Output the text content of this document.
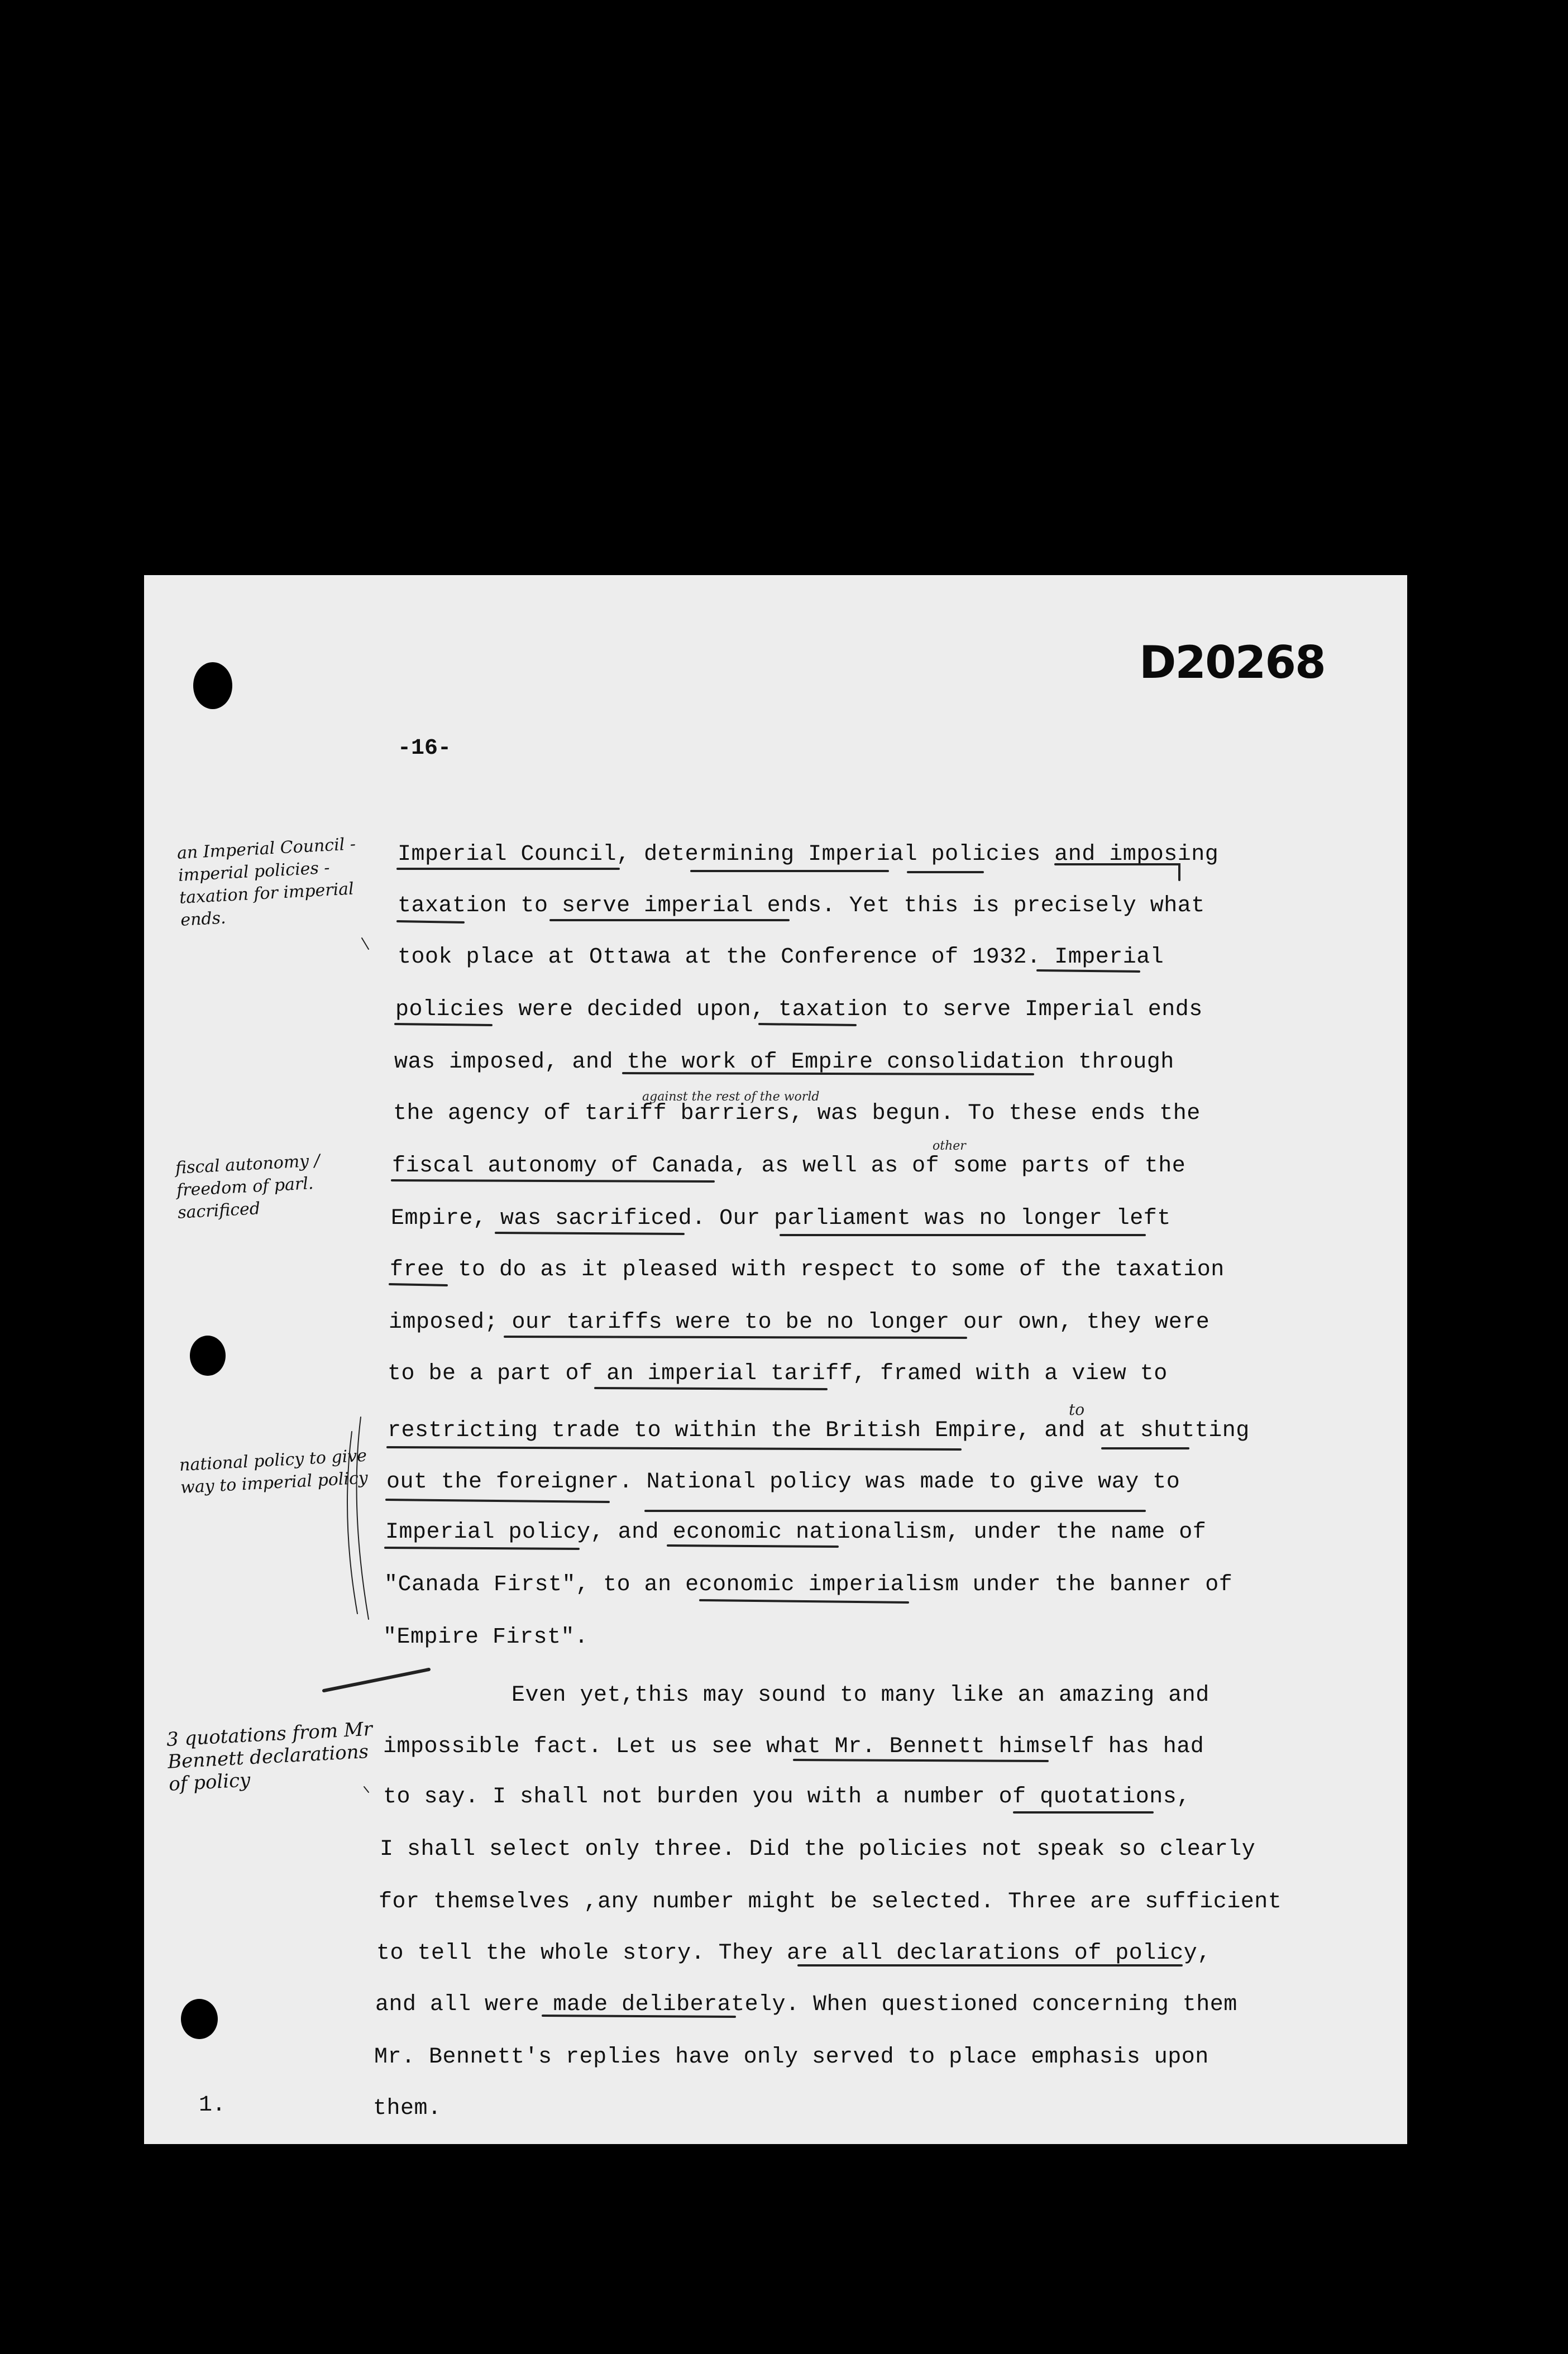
D20268
-16-
Imperial Council, determining Imperial policies and imposing
taxation to serve imperial ends. Yet this is precisely what
took place at Ottawa at the Conference of 1932. Imperial
policies were decided upon, taxation to serve Imperial ends
was imposed, and the work of Empire consolidation through
the agency of tariff barriers, was begun. To these ends the
fiscal autonomy of Canada, as well as of some parts of the
Empire, was sacrificed. Our parliament was no longer left
free to do as it pleased with respect to some of the taxation
imposed; our tariffs were to be no longer our own, they were
to be a part of an imperial tariff, framed with a view to
restricting trade to within the British Empire, and at shutting
out the foreigner. National policy was made to give way to
Imperial policy, and economic nationalism, under the name of
"Canada First", to an economic imperialism under the banner of
"Empire First".
Even yet,this may sound to many like an amazing and
impossible fact. Let us see what Mr. Bennett himself has had
to say. I shall not burden you with a number of quotations,
I shall select only three. Did the policies not speak so clearly
for themselves ,any number might be selected. Three are sufficient
to tell the whole story. They are all declarations of policy,
and all were made deliberately. When questioned concerning them
Mr. Bennett's replies have only served to place emphasis upon
them.
against the rest of the world
other
to
an Imperial Council - imperial policies - taxation for imperial ends.
fiscal autonomy / freedom of parl. sacrificed
national policy to give way to imperial policy
3 quotations from Mr Bennett declarations of policy
1.
